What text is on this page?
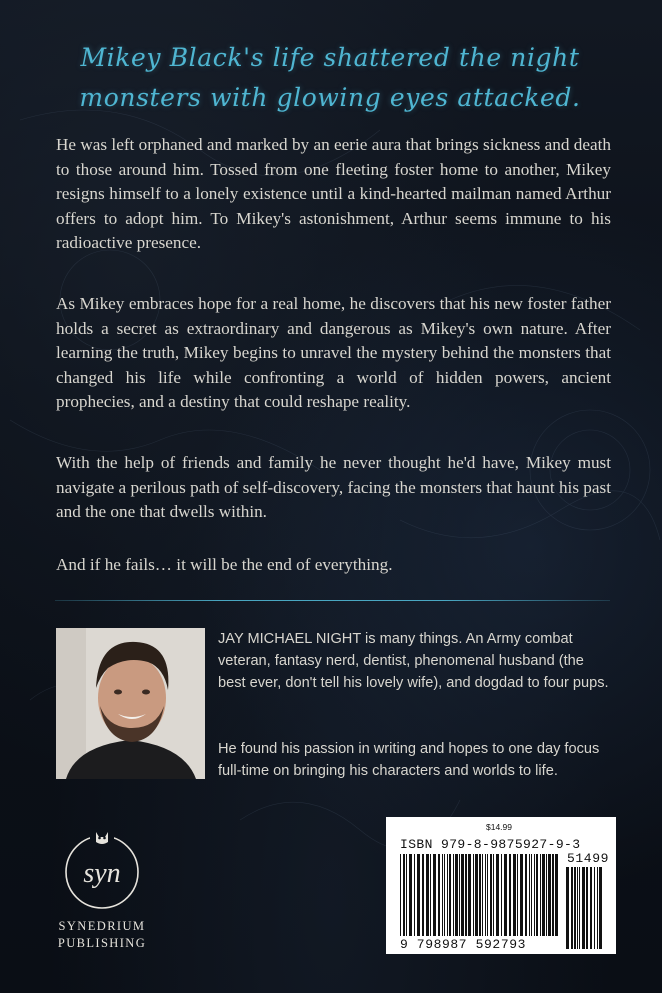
Mikey Black's life shattered the night
monsters with glowing eyes attacked.

He was left orphaned and marked by an eerie aura that brings sickness and death to those around him. Tossed from one fleeting foster home to another, Mikey resigns himself to a lonely existence until a kind-hearted mailman named Arthur offers to adopt him. To Mikey's astonishment, Arthur seems immune to his radioactive presence.

As Mikey embraces hope for a real home, he discovers that his new foster father holds a secret as extraordinary and dangerous as Mikey's own nature. After learning the truth, Mikey begins to unravel the mystery behind the monsters that changed his life while confronting a world of hidden powers, ancient prophecies, and a destiny that could reshape reality.

With the help of friends and family he never thought he'd have, Mikey must navigate a perilous path of self-discovery, facing the monsters that haunt his past and the one that dwells within.

And if he fails… it will be the end of everything.

JAY MICHAEL NIGHT is many things. An Army combat veteran, fantasy nerd, dentist, phenomenal husband (the best ever, don't tell his lovely wife), and dogdad to four pups.

He found his passion in writing and hopes to one day focus full-time on bringing his characters and worlds to life.

syn
SYNEDRIUM
PUBLISHING
$14.99
ISBN 979-8-9875927-9-3
51499
9 798987 592793
